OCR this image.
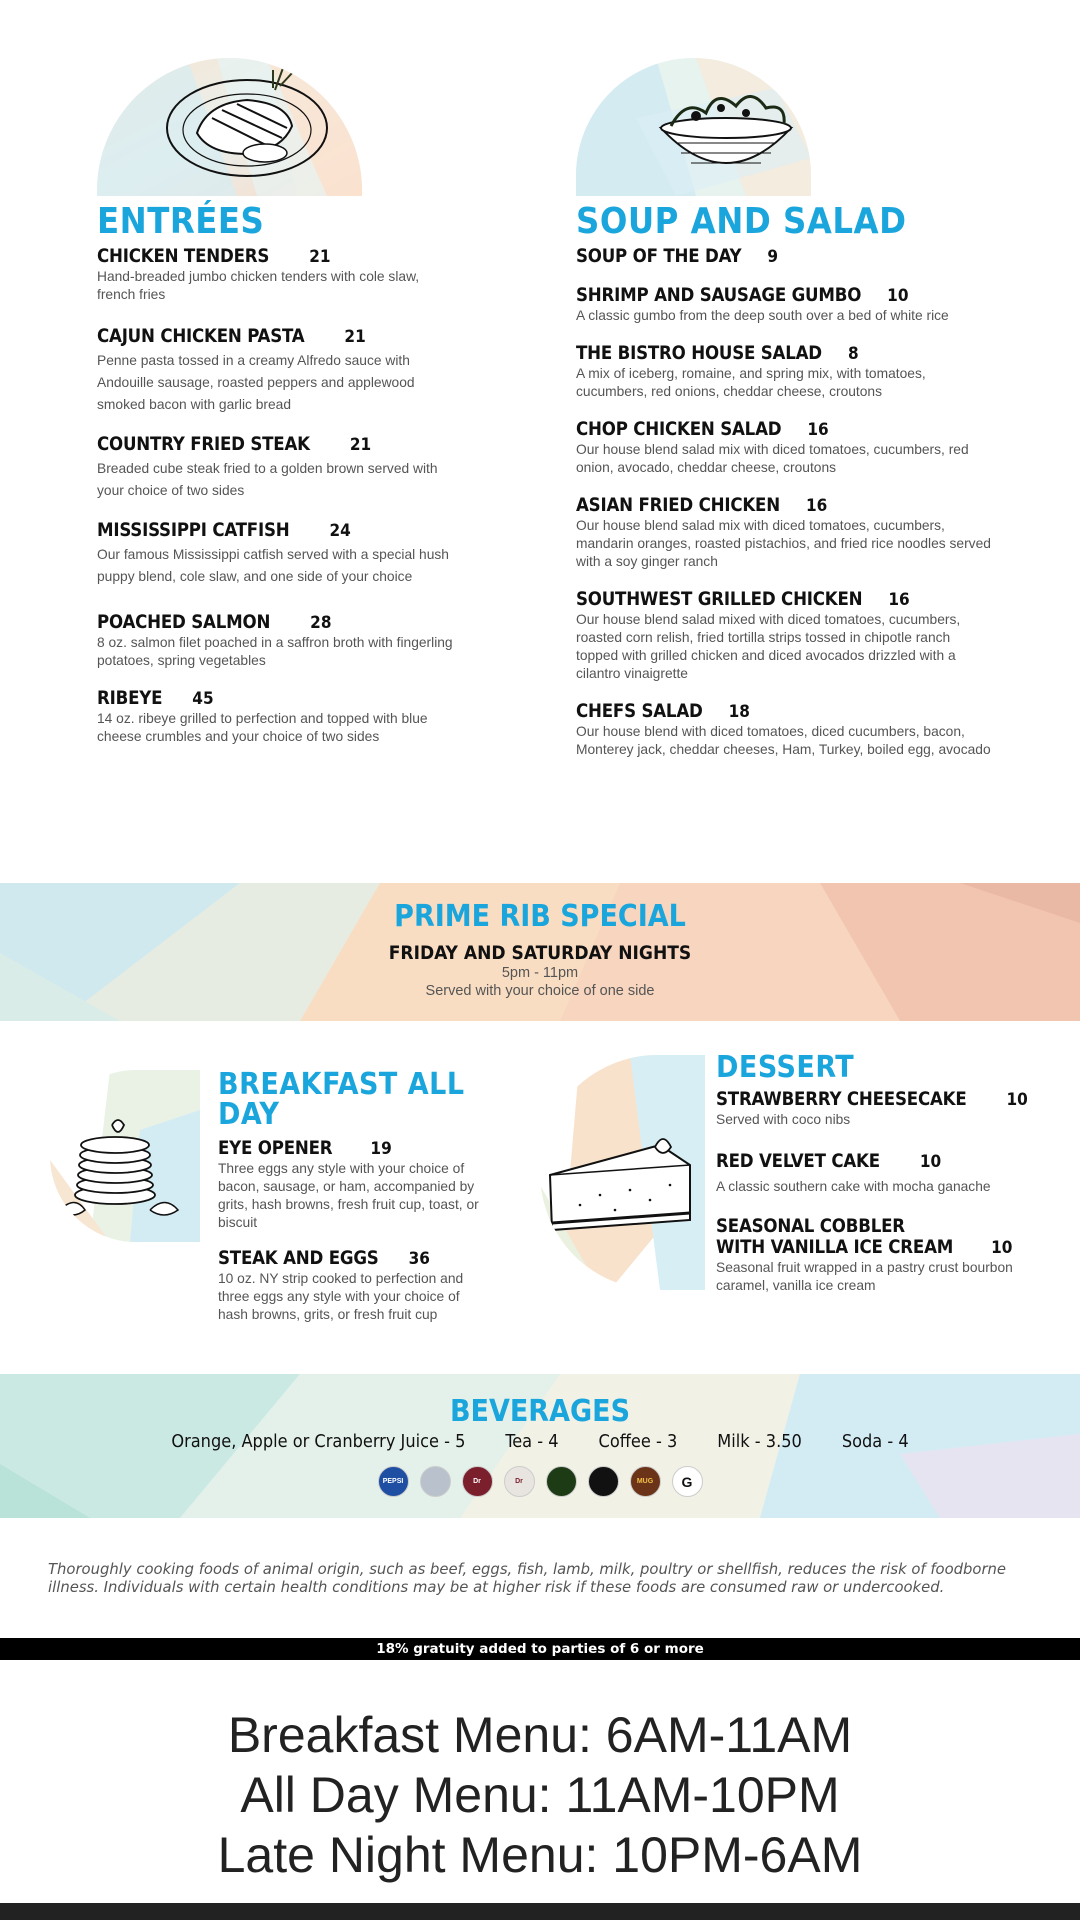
ENTRÉES
CHICKEN TENDERS 21
Hand-breaded jumbo chicken tenders with cole slaw, french fries
CAJUN CHICKEN PASTA 21
Penne pasta tossed in a creamy Alfredo sauce with Andouille sausage, roasted peppers and applewood smoked bacon with garlic bread
COUNTRY FRIED STEAK 21
Breaded cube steak fried to a golden brown served with your choice of two sides
MISSISSIPPI CATFISH 24
Our famous Mississippi catfish served with a special hush puppy blend, cole slaw, and one side of your choice
POACHED SALMON 28
8 oz. salmon filet poached in a saffron broth with fingerling potatoes, spring vegetables
RIBEYE 45
14 oz. ribeye grilled to perfection and topped with blue cheese crumbles and your choice of two sides
SOUP AND SALAD
SOUP OF THE DAY 9
SHRIMP AND SAUSAGE GUMBO 10
A classic gumbo from the deep south over a bed of white rice
THE BISTRO HOUSE SALAD 8
A mix of iceberg, romaine, and spring mix, with tomatoes, cucumbers, red onions, cheddar cheese, croutons
CHOP CHICKEN SALAD 16
Our house blend salad mix with diced tomatoes, cucumbers, red onion, avocado, cheddar cheese, croutons
ASIAN FRIED CHICKEN 16
Our house blend salad mix with diced tomatoes, cucumbers, mandarin oranges, roasted pistachios, and fried rice noodles served with a soy ginger ranch
SOUTHWEST GRILLED CHICKEN 16
Our house blend salad mixed with diced tomatoes, cucumbers, roasted corn relish, fried tortilla strips tossed in chipotle ranch topped with grilled chicken and diced avocados drizzled with a cilantro vinaigrette
CHEFS SALAD 18
Our house blend with diced tomatoes, diced cucumbers, bacon, Monterey jack, cheddar cheeses, Ham, Turkey, boiled egg, avocado
PRIME RIB SPECIAL
FRIDAY AND SATURDAY NIGHTS
5pm - 11pm
Served with your choice of one side
BREAKFAST ALL DAY
EYE OPENER 19
Three eggs any style with your choice of bacon, sausage, or ham, accompanied by grits, hash browns, fresh fruit cup, toast, or biscuit
STEAK AND EGGS 36
10 oz. NY strip cooked to perfection and three eggs any style with your choice of hash browns, grits, or fresh fruit cup
DESSERT
STRAWBERRY CHEESECAKE 10
Served with coco nibs
RED VELVET CAKE 10
A classic southern cake with mocha ganache
SEASONAL COBBLER
WITH VANILLA ICE CREAM 10
Seasonal fruit wrapped in a pastry crust bourbon caramel, vanilla ice cream
BEVERAGES
Orange, Apple or Cranberry Juice - 5 Tea - 4 Coffee - 3 Milk - 3.50 Soda - 4
PEPSI	Dr	Dr	MUG	G
Thoroughly cooking foods of animal origin, such as beef, eggs, fish, lamb, milk, poultry or shellfish, reduces the risk of foodborne illness. Individuals with certain health conditions may be at higher risk if these foods are consumed raw or undercooked.
18% gratuity added to parties of 6 or more
Breakfast Menu: 6AM-11AM
All Day Menu: 11AM-10PM
Late Night Menu: 10PM-6AM
